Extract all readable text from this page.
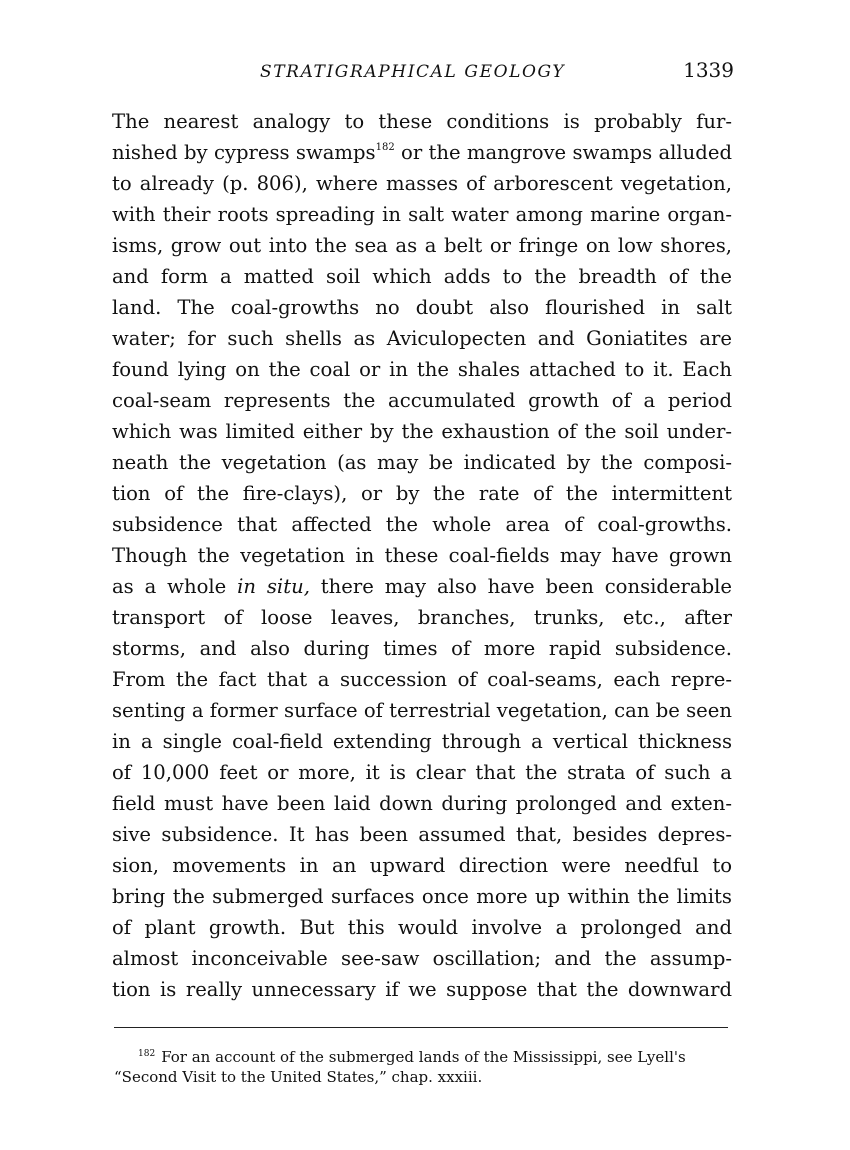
STRATIGRAPHICAL GEOLOGY	1339
The nearest analogy to these conditions is probably fur-
nished by cypress swamps$^{182}$ or the mangrove swamps alluded
to already (p. 806), where masses of arborescent vegetation,
with their roots spreading in salt water among marine organ-
isms, grow out into the sea as a belt or fringe on low shores,
and form a matted soil which adds to the breadth of the
land. The coal-growths no doubt also flourished in salt
water; for such shells as Aviculopecten and Goniatites are
found lying on the coal or in the shales attached to it. Each
coal-seam represents the accumulated growth of a period
which was limited either by the exhaustion of the soil under-
neath the vegetation (as may be indicated by the composi-
tion of the fire-clays), or by the rate of the intermittent
subsidence that affected the whole area of coal-growths.
Though the vegetation in these coal-fields may have grown
as a whole in situ, there may also have been considerable
transport of loose leaves, branches, trunks, etc., after
storms, and also during times of more rapid subsidence.
From the fact that a succession of coal-seams, each repre-
senting a former surface of terrestrial vegetation, can be seen
in a single coal-field extending through a vertical thickness
of 10,000 feet or more, it is clear that the strata of such a
field must have been laid down during prolonged and exten-
sive subsidence. It has been assumed that, besides depres-
sion, movements in an upward direction were needful to
bring the submerged surfaces once more up within the limits
of plant growth. But this would involve a prolonged and
almost inconceivable see-saw oscillation; and the assump-
tion is really unnecessary if we suppose that the downward
$^{182}$ For an account of the submerged lands of the Mississippi, see Lyell's
“Second Visit to the United States,” chap. xxxiii.
